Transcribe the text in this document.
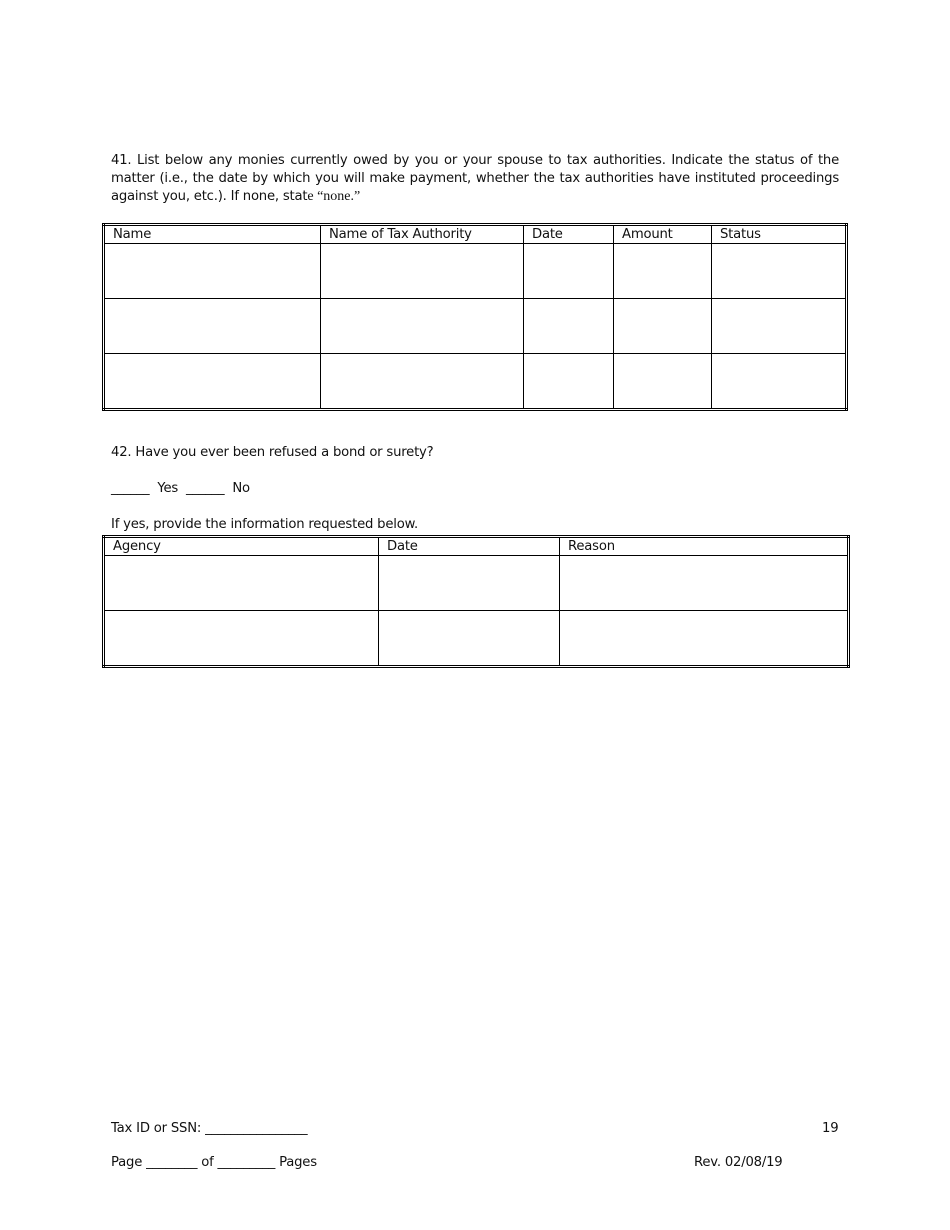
41. List below any monies currently owed by you or your spouse to tax authorities. Indicate the status of the matter (i.e., the date by which you will make payment, whether the tax authorities have instituted proceedings against you, etc.). If none, state “none.”
Name	Name of Tax Authority	Date	Amount	Status

42. Have you ever been refused a bond or surety?
______ Yes ______ No
If yes, provide the information requested below.
Agency	Date	Reason

Tax ID or SSN: ________________	19
Page ________ of _________ Pages	Rev. 02/08/19
